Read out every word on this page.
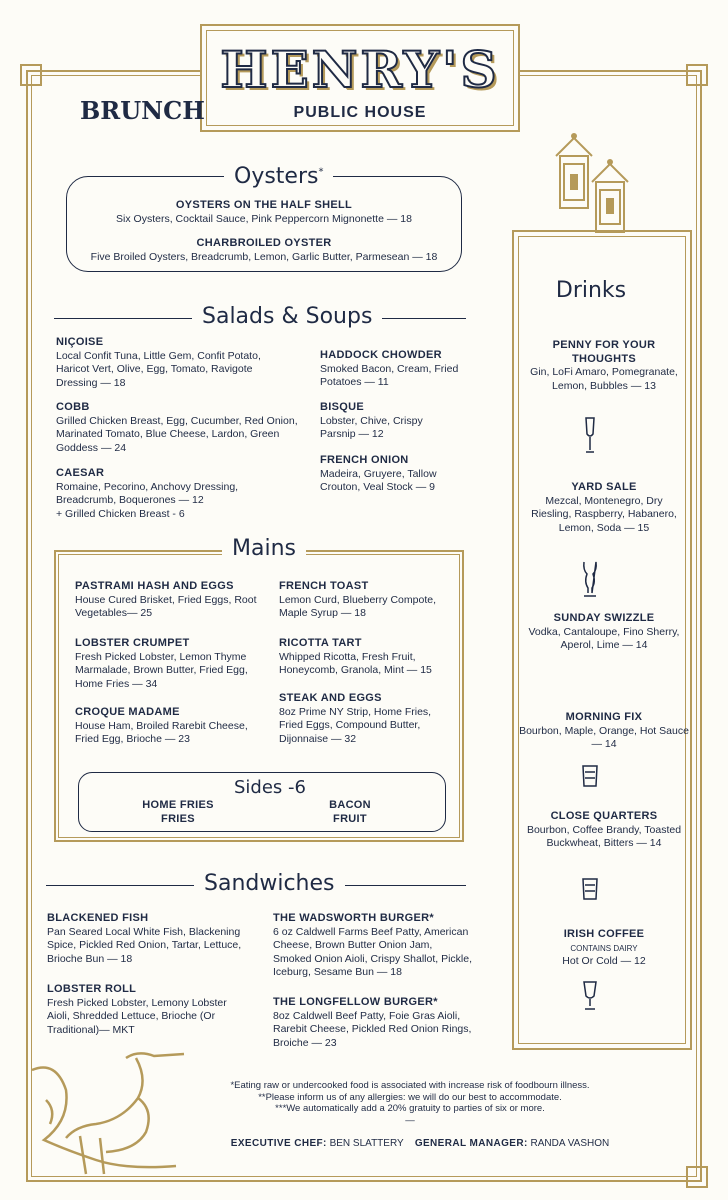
HENRY'S
PUBLIC HOUSE
BRUNCH
Oysters*
OYSTERS ON THE HALF SHELL
Six Oysters, Cocktail Sauce, Pink Peppercorn Mignonette — 18
CHARBROILED OYSTER
Five Broiled Oysters, Breadcrumb, Lemon, Garlic Butter, Parmesean — 18
Salads & Soups
NIÇOISE
Local Confit Tuna, Little Gem, Confit Potato, Haricot Vert, Olive, Egg, Tomato, Ravigote Dressing — 18
COBB
Grilled Chicken Breast, Egg, Cucumber, Red Onion, Marinated Tomato, Blue Cheese, Lardon, Green Goddess — 24
CAESAR
Romaine, Pecorino, Anchovy Dressing, Breadcrumb, Boquerones — 12
+ Grilled Chicken Breast - 6
HADDOCK CHOWDER
Smoked Bacon, Cream, Fried Potatoes — 11
BISQUE
Lobster, Chive, Crispy Parsnip — 12
FRENCH ONION
Madeira, Gruyere, Tallow Crouton, Veal Stock — 9
Mains
PASTRAMI HASH AND EGGS
House Cured Brisket, Fried Eggs, Root Vegetables— 25
LOBSTER CRUMPET
Fresh Picked Lobster, Lemon Thyme Marmalade, Brown Butter, Fried Egg, Home Fries — 34
CROQUE MADAME
House Ham, Broiled Rarebit Cheese, Fried Egg, Brioche — 23
FRENCH TOAST
Lemon Curd, Blueberry Compote, Maple Syrup — 18
RICOTTA TART
Whipped Ricotta, Fresh Fruit, Honeycomb, Granola, Mint — 15
STEAK AND EGGS
8oz Prime NY Strip, Home Fries, Fried Eggs, Compound Butter, Dijonnaise — 32
Sides -6
HOME FRIES
FRIES
BACON
FRUIT
Sandwiches
BLACKENED FISH
Pan Seared Local White Fish, Blackening Spice, Pickled Red Onion, Tartar, Lettuce, Brioche Bun — 18
LOBSTER ROLL
Fresh Picked Lobster, Lemony Lobster Aioli, Shredded Lettuce, Brioche (Or Traditional)— MKT
THE WADSWORTH BURGER*
6 oz Caldwell Farms Beef Patty, American Cheese, Brown Butter Onion Jam, Smoked Onion Aioli, Crispy Shallot, Pickle, Iceburg, Sesame Bun — 18
THE LONGFELLOW BURGER*
8oz Caldwell Beef Patty, Foie Gras Aioli, Rarebit Cheese, Pickled Red Onion Rings, Broiche — 23
Drinks
PENNY FOR YOUR THOUGHTS
Gin, LoFi Amaro, Pomegranate, Lemon, Bubbles — 13
YARD SALE
Mezcal, Montenegro, Dry Riesling, Raspberry, Habanero, Lemon, Soda — 15
SUNDAY SWIZZLE
Vodka, Cantaloupe, Fino Sherry, Aperol, Lime — 14
MORNING FIX
Bourbon, Maple, Orange, Hot Sauce — 14
CLOSE QUARTERS
Bourbon, Coffee Brandy, Toasted Buckwheat, Bitters — 14
IRISH COFFEE
CONTAINS DAIRY
Hot Or Cold — 12
*Eating raw or undercooked food is associated with increase risk of foodbourn illness.
**Please inform us of any allergies: we will do our best to accommodate.
***We automatically add a 20% gratuity to parties of six or more.
—
EXECUTIVE CHEF: BEN SLATTERY GENERAL MANAGER: RANDA VASHON
